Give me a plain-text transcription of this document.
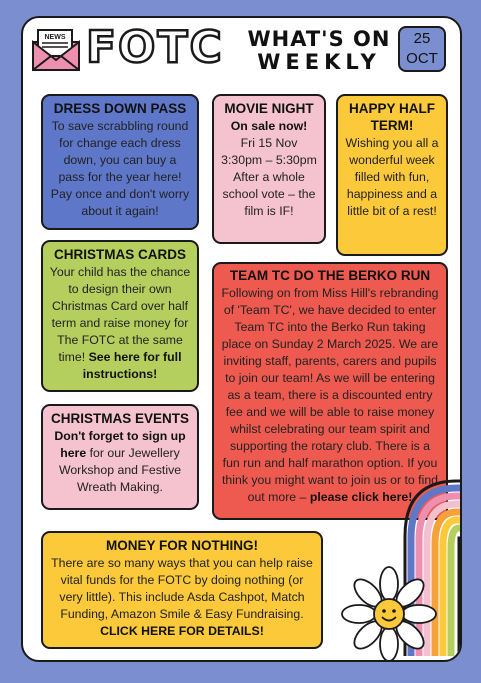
NEWS FOTC	WHAT'S ON
WEEKLY
25
OCT
DRESS DOWN PASS

To save scrabbling round for change each dress down, you can buy a pass for the year here! Pay once and don't worry about it again!

MOVIE NIGHT

On sale now!

Fri 15 Nov

3:30pm – 5:30pm

After a whole school vote – the film is IF!

HAPPY HALF TERM!

Wishing you all a wonderful week filled with fun, happiness and a little bit of a rest!

CHRISTMAS CARDS

Your child has the chance to design their own Christmas Card over half term and raise money for The FOTC at the same time! See here for full instructions!

TEAM TC DO THE BERKO RUN

Following on from Miss Hill's rebranding of 'Team TC', we have decided to enter Team TC into the Berko Run taking place on Sunday 2 March 2025. We are inviting staff, parents, carers and pupils to join our team! As we will be entering as a team, there is a discounted entry fee and we will be able to raise money whilst celebrating our team spirit and supporting the rotary club. There is a fun run and half marathon option. If you think you might want to join us or to find out more – please click here!

CHRISTMAS EVENTS

Don't forget to sign up here for our Jewellery Workshop and Festive Wreath Making.

MONEY FOR NOTHING!

There are so many ways that you can help raise vital funds for the FOTC by doing nothing (or very little). This include Asda Cashpot, Match Funding, Amazon Smile & Easy Fundraising. CLICK HERE FOR DETAILS!
